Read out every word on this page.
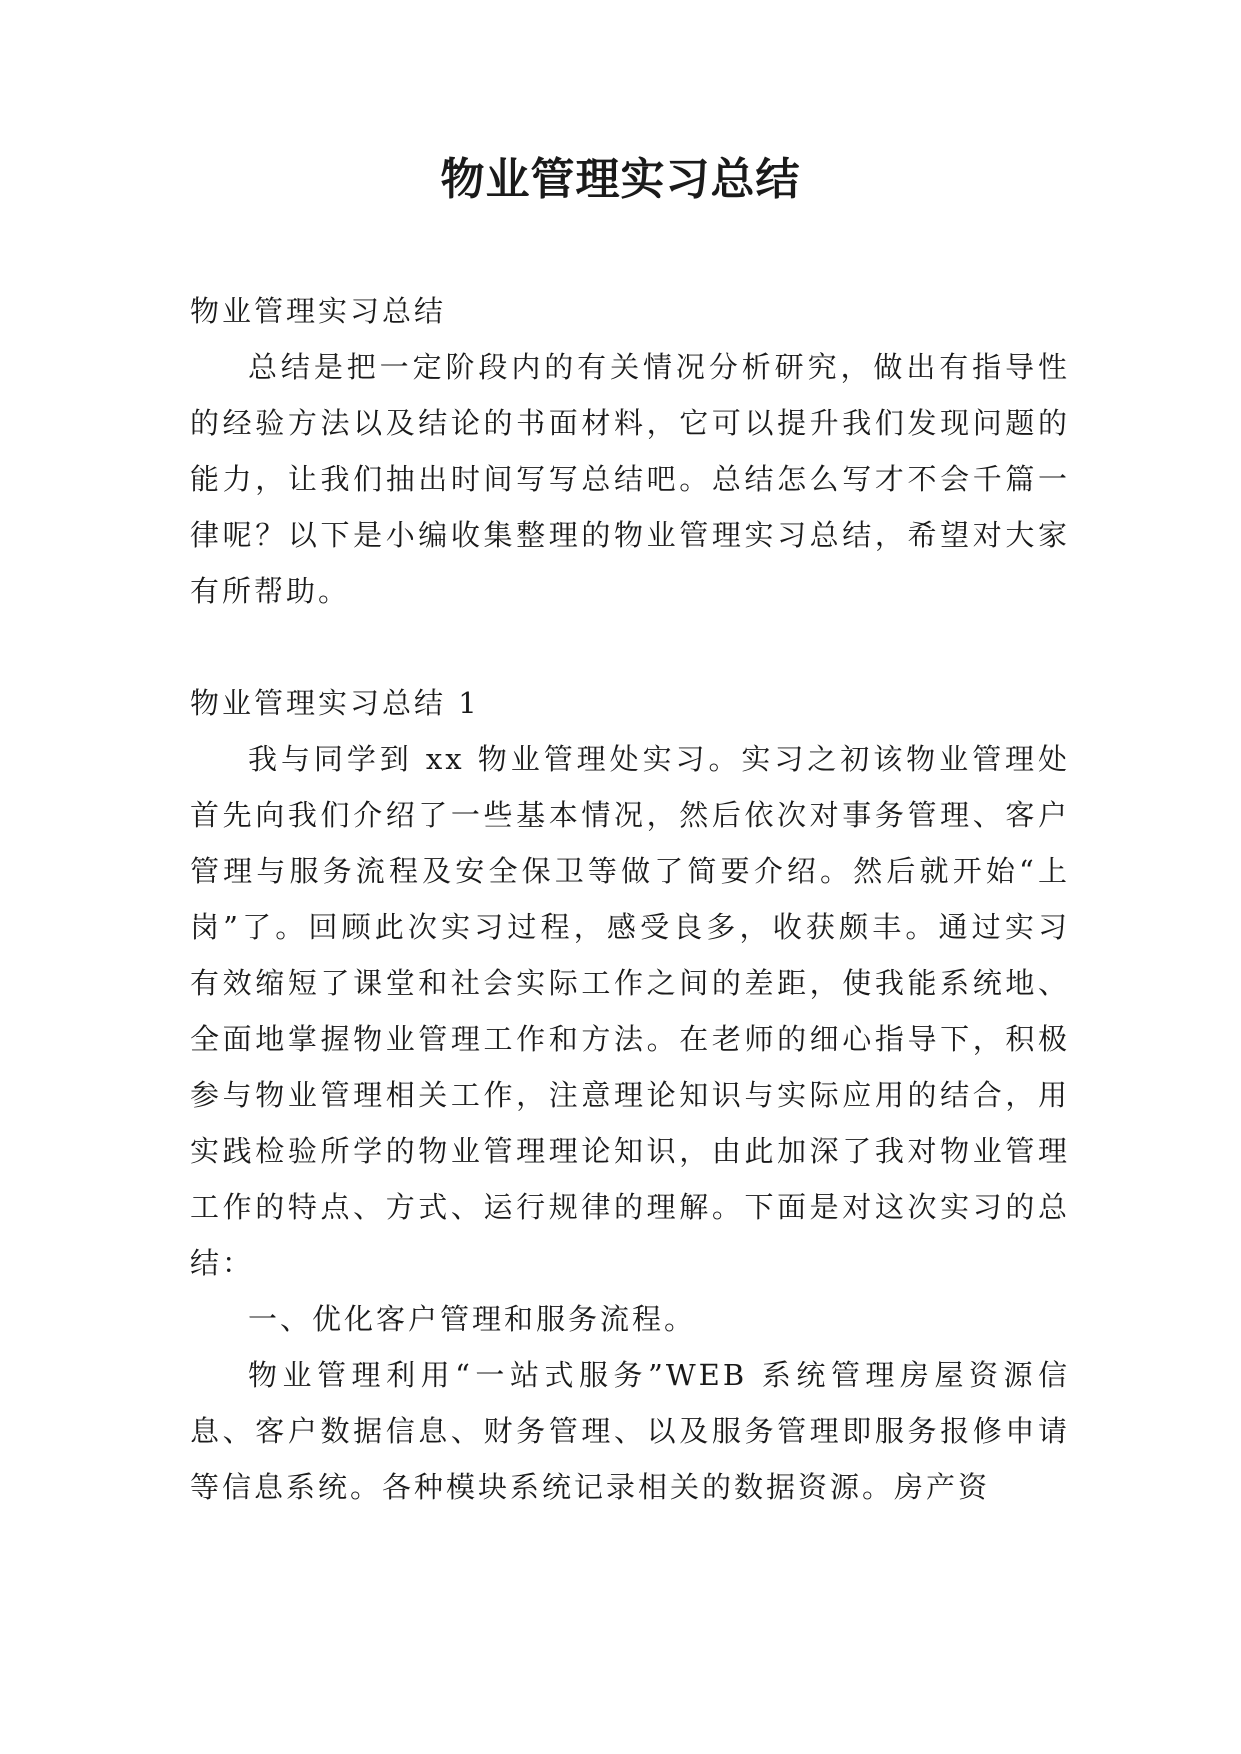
物业管理实习总结

物业管理实习总结

总结是把一定阶段内的有关情况分析研究，做出有指导性的经验方法以及结论的书面材料，它可以提升我们发现问题的能力，让我们抽出时间写写总结吧。总结怎么写才不会千篇一律呢？以下是小编收集整理的物业管理实习总结，希望对大家有所帮助。

物业管理实习总结 1

我与同学到 xx 物业管理处实习。实习之初该物业管理处首先向我们介绍了一些基本情况，然后依次对事务管理、客户管理与服务流程及安全保卫等做了简要介绍。然后就开始“上岗”了。回顾此次实习过程，感受良多，收获颇丰。通过实习有效缩短了课堂和社会实际工作之间的差距，使我能系统地、全面地掌握物业管理工作和方法。在老师的细心指导下，积极参与物业管理相关工作，注意理论知识与实际应用的结合，用实践检验所学的物业管理理论知识，由此加深了我对物业管理工作的特点、方式、运行规律的理解。下面是对这次实习的总结：

一、优化客户管理和服务流程。

物业管理利用“一站式服务”WEB 系统管理房屋资源信息、客户数据信息、财务管理、以及服务管理即服务报修申请等信息系统。各种模块系统记录相关的数据资源。房产资
